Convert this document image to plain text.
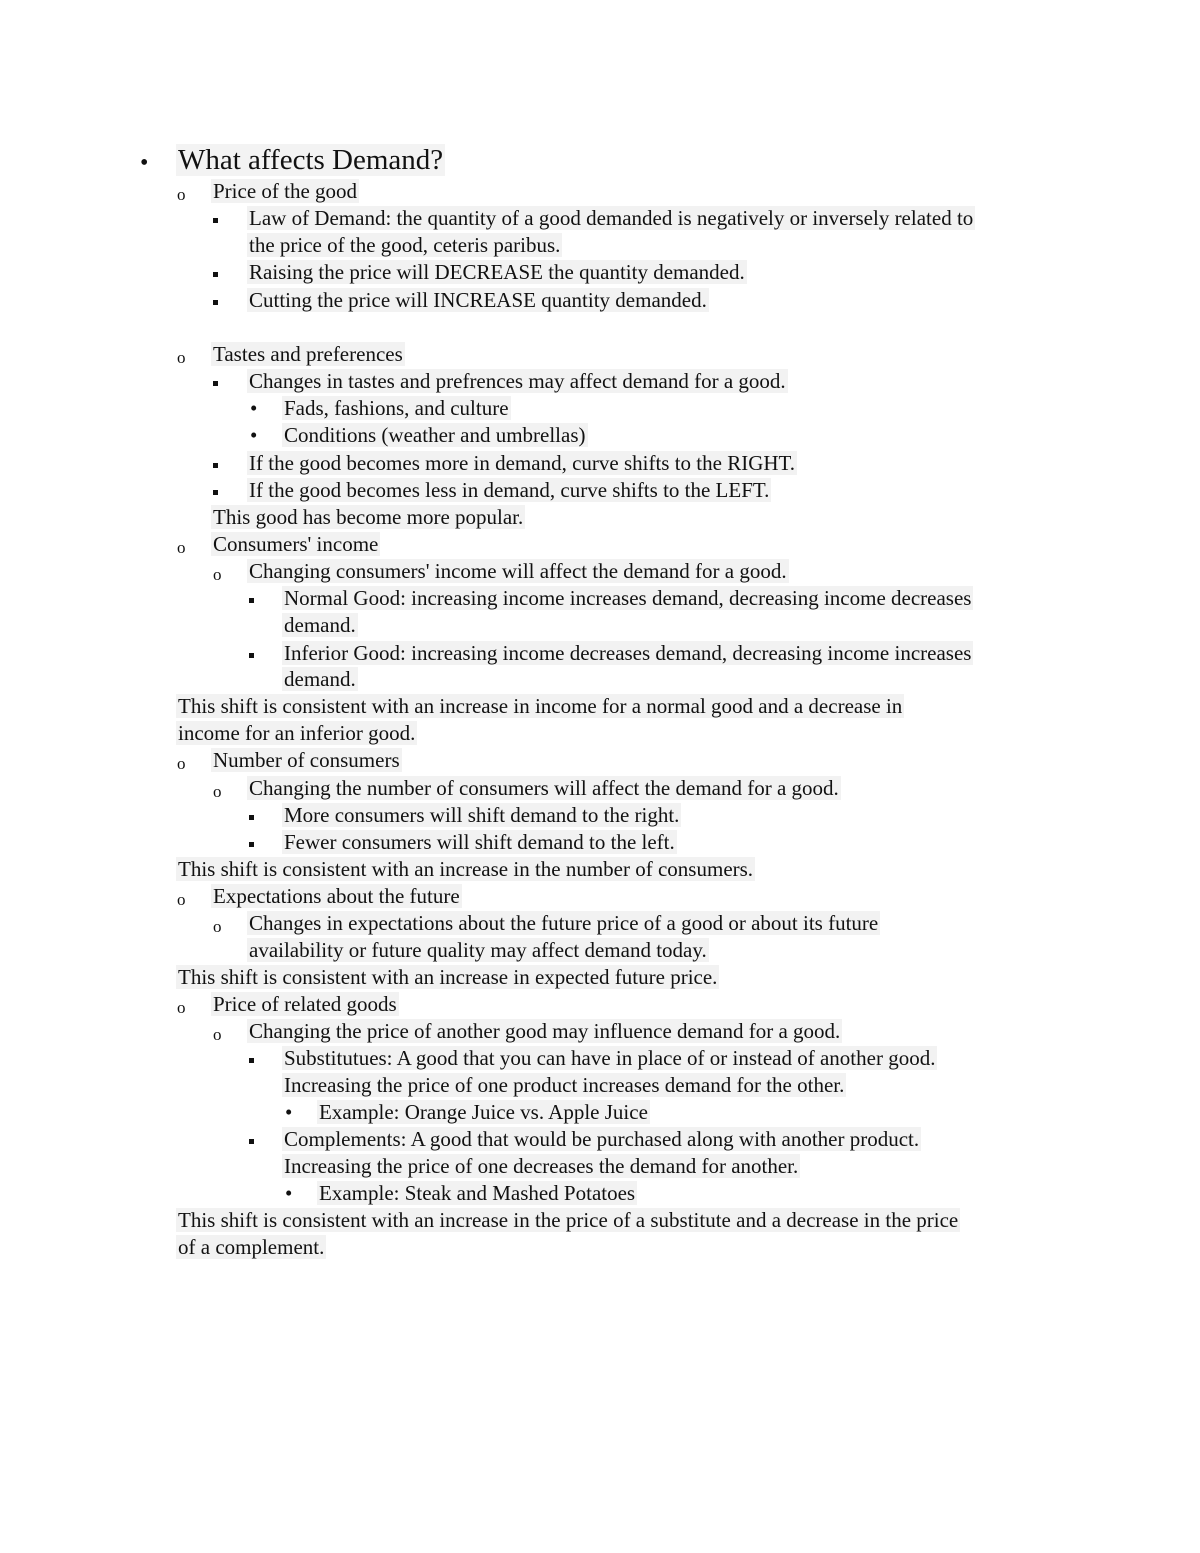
•
What affects Demand?
o
Price of the good
Law of Demand: the quantity of a good demanded is negatively or inversely related to
the price of the good, ceteris paribus.
Raising the price will DECREASE the quantity demanded.
Cutting the price will INCREASE quantity demanded.
o
Tastes and preferences
Changes in tastes and prefrences may affect demand for a good.
•
Fads, fashions, and culture
•
Conditions (weather and umbrellas)
If the good becomes more in demand, curve shifts to the RIGHT.
If the good becomes less in demand, curve shifts to the LEFT.
This good has become more popular.
o
Consumers' income
o
Changing consumers' income will affect the demand for a good.
Normal Good: increasing income increases demand, decreasing income decreases
demand.
Inferior Good: increasing income decreases demand, decreasing income increases
demand.
This shift is consistent with an increase in income for a normal good and a decrease in
income for an inferior good.
o
Number of consumers
o
Changing the number of consumers will affect the demand for a good.
More consumers will shift demand to the right.
Fewer consumers will shift demand to the left.
This shift is consistent with an increase in the number of consumers.
o
Expectations about the future
o
Changes in expectations about the future price of a good or about its future
availability or future quality may affect demand today.
This shift is consistent with an increase in expected future price.
o
Price of related goods
o
Changing the price of another good may influence demand for a good.
Substitutues: A good that you can have in place of or instead of another good.
Increasing the price of one product increases demand for the other.
•
Example: Orange Juice vs. Apple Juice
Complements: A good that would be purchased along with another product.
Increasing the price of one decreases the demand for another.
•
Example: Steak and Mashed Potatoes
This shift is consistent with an increase in the price of a substitute and a decrease in the price
of a complement.
